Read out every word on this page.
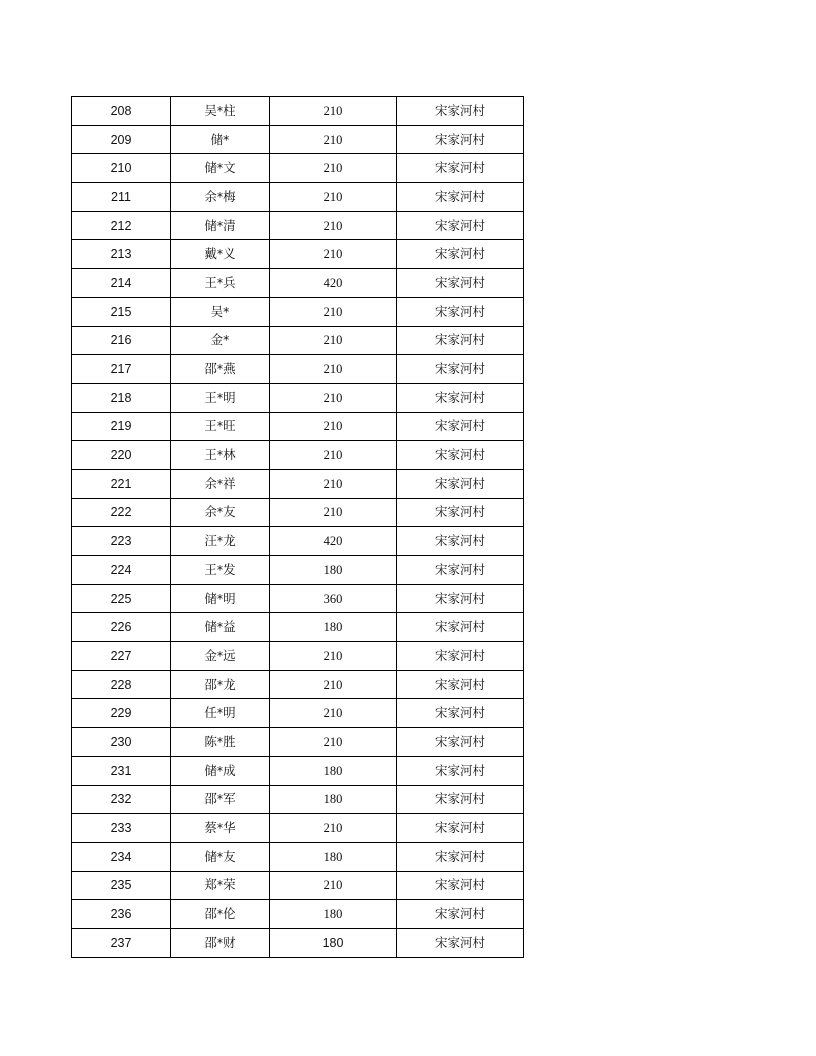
208	吴*柱	210	宋家河村
209	储*	210	宋家河村
210	储*文	210	宋家河村
211	余*梅	210	宋家河村
212	储*清	210	宋家河村
213	戴*义	210	宋家河村
214	王*兵	420	宋家河村
215	吴*	210	宋家河村
216	金*	210	宋家河村
217	邵*燕	210	宋家河村
218	王*明	210	宋家河村
219	王*旺	210	宋家河村
220	王*林	210	宋家河村
221	余*祥	210	宋家河村
222	余*友	210	宋家河村
223	汪*龙	420	宋家河村
224	王*发	180	宋家河村
225	储*明	360	宋家河村
226	储*益	180	宋家河村
227	金*远	210	宋家河村
228	邵*龙	210	宋家河村
229	任*明	210	宋家河村
230	陈*胜	210	宋家河村
231	储*成	180	宋家河村
232	邵*军	180	宋家河村
233	蔡*华	210	宋家河村
234	储*友	180	宋家河村
235	郑*荣	210	宋家河村
236	邵*伦	180	宋家河村
237	邵*财	180	宋家河村
